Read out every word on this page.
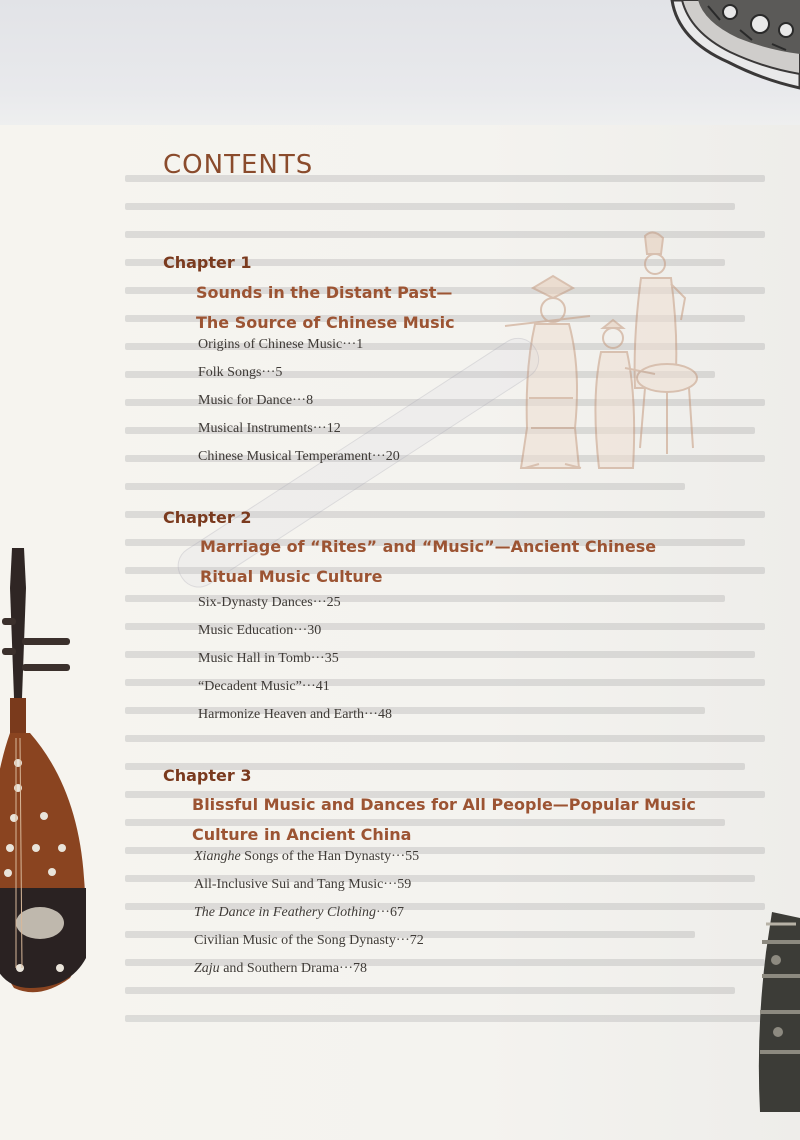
CONTENTS
Chapter 1
Sounds in the Distant Past—
The Source of Chinese Music
Origins of Chinese Music···1
Folk Songs···5
Music for Dance···8
Musical Instruments···12
Chinese Musical Temperament···20
Chapter 2
Marriage of “Rites” and “Music”—Ancient Chinese
Ritual Music Culture
Six-Dynasty Dances···25
Music Education···30
Music Hall in Tomb···35
“Decadent Music”···41
Harmonize Heaven and Earth···48
Chapter 3
Blissful Music and Dances for All People—Popular Music
Culture in Ancient China
Xianghe Songs of the Han Dynasty···55
All-Inclusive Sui and Tang Music···59
The Dance in Feathery Clothing···67
Civilian Music of the Song Dynasty···72
Zaju and Southern Drama···78
